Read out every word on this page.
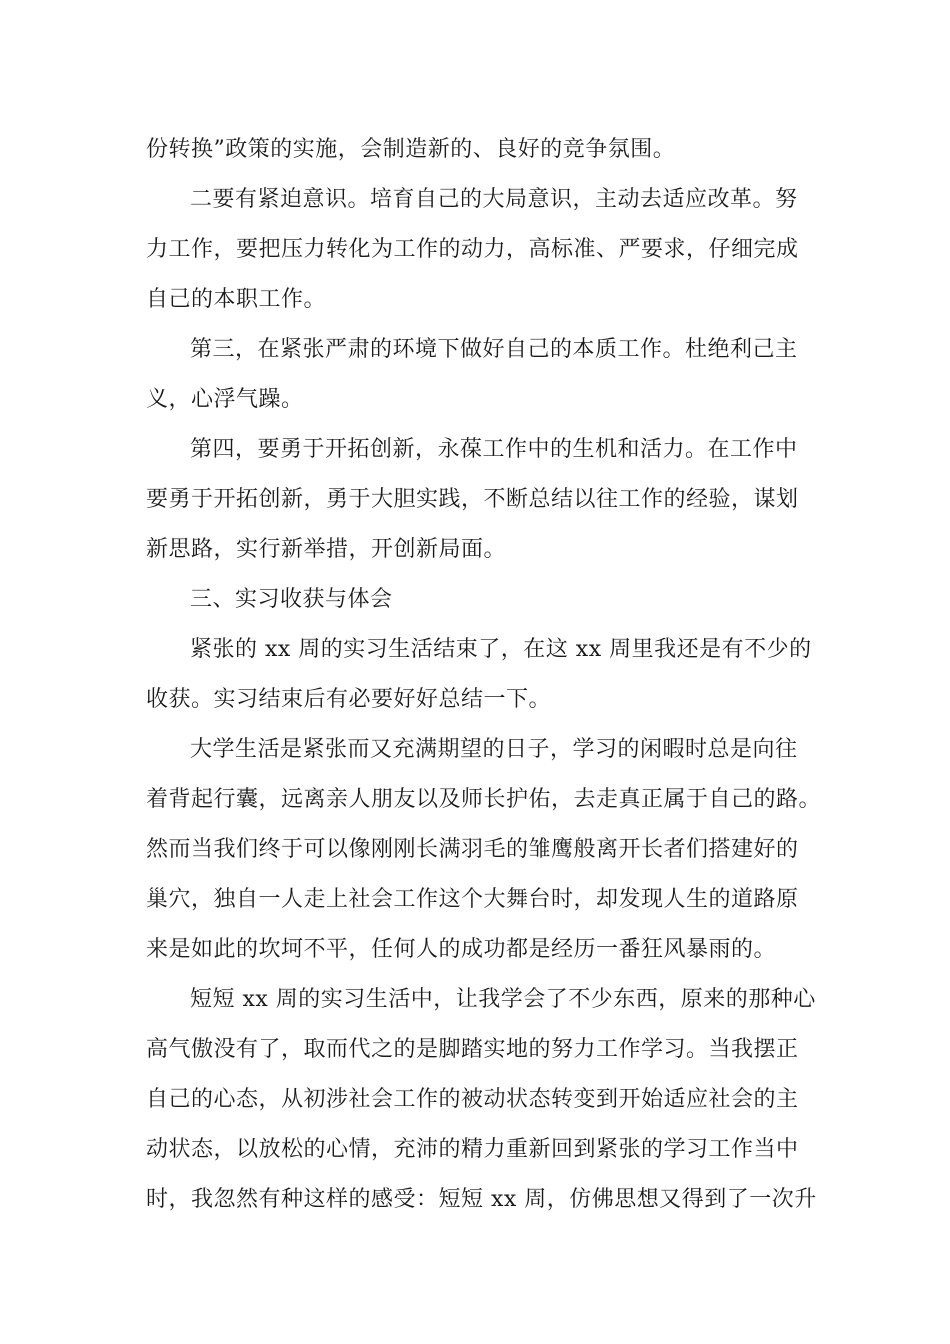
份转换”政策的实施，会制造新的、良好的竞争氛围。
二要有紧迫意识。培育自己的大局意识，主动去适应改革。努
力工作，要把压力转化为工作的动力，高标准、严要求，仔细完成
自己的本职工作。
第三，在紧张严肃的环境下做好自己的本质工作。杜绝利己主
义，心浮气躁。
第四，要勇于开拓创新，永葆工作中的生机和活力。在工作中
要勇于开拓创新，勇于大胆实践，不断总结以往工作的经验，谋划
新思路，实行新举措，开创新局面。
三、实习收获与体会
紧张的 xx 周的实习生活结束了，在这 xx 周里我还是有不少的
收获。实习结束后有必要好好总结一下。
大学生活是紧张而又充满期望的日子，学习的闲暇时总是向往
着背起行囊，远离亲人朋友以及师长护佑，去走真正属于自己的路。
然而当我们终于可以像刚刚长满羽毛的雏鹰般离开长者们搭建好的
巢穴，独自一人走上社会工作这个大舞台时，却发现人生的道路原
来是如此的坎坷不平，任何人的成功都是经历一番狂风暴雨的。
短短 xx 周的实习生活中，让我学会了不少东西，原来的那种心
高气傲没有了，取而代之的是脚踏实地的努力工作学习。当我摆正
自己的心态，从初涉社会工作的被动状态转变到开始适应社会的主
动状态，以放松的心情，充沛的精力重新回到紧张的学习工作当中
时，我忽然有种这样的感受：短短 xx 周，仿佛思想又得到了一次升
